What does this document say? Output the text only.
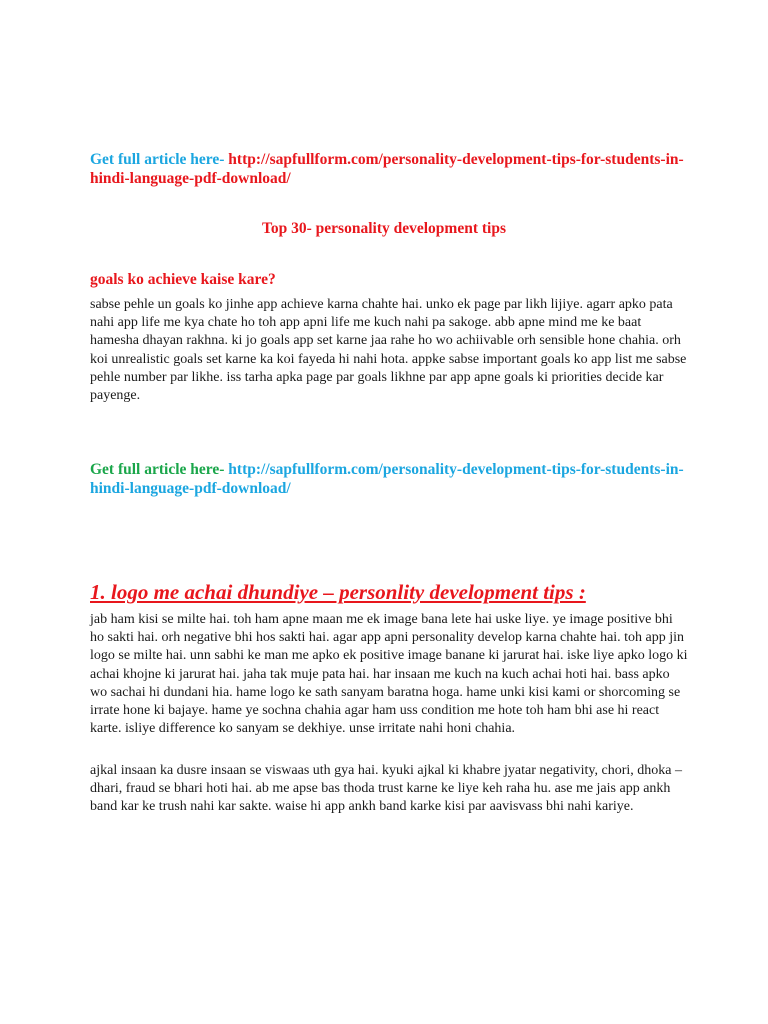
Get full article here- http://sapfullform.com/personality-development-tips-for-students-in-hindi-language-pdf-download/
Top 30- personality development tips
goals ko achieve kaise kare?
sabse pehle un goals ko jinhe app achieve karna chahte hai. unko ek page par likh lijiye. agarr apko pata nahi app life me kya chate ho toh app apni life me kuch nahi pa sakoge. abb apne mind me ke baat hamesha dhayan rakhna. ki jo goals app set karne jaa rahe ho wo achiivable orh sensible hone chahia. orh koi unrealistic goals set karne ka koi fayeda hi nahi hota. appke sabse important goals ko app list me sabse pehle number par likhe. iss tarha apka page par goals likhne par app apne goals ki priorities decide kar payenge.
Get full article here- http://sapfullform.com/personality-development-tips-for-students-in-hindi-language-pdf-download/
1. logo me achai dhundiye – personlity development tips :
jab ham kisi se milte hai. toh ham apne maan me ek image bana lete hai uske liye. ye image positive bhi ho sakti hai. orh negative bhi hos sakti hai. agar app apni personality develop karna chahte hai. toh app jin logo se milte hai. unn sabhi ke man me apko ek positive image banane ki jarurat hai. iske liye apko logo ki achai khojne ki jarurat hai. jaha tak muje pata hai. har insaan me kuch na kuch achai hoti hai. bass apko wo sachai hi dundani hia. hame logo ke sath sanyam baratna hoga. hame unki kisi kami or shorcoming se irrate hone ki bajaye. hame ye sochna chahia agar ham uss condition me hote toh ham bhi ase hi react karte. isliye difference ko sanyam se dekhiye. unse irritate nahi honi chahia.
ajkal insaan ka dusre insaan se viswaas uth gya hai. kyuki ajkal ki khabre jyatar negativity, chori, dhoka – dhari, fraud se bhari hoti hai. ab me apse bas thoda trust karne ke liye keh raha hu. ase me jais app ankh band kar ke trush nahi kar sakte. waise hi app ankh band karke kisi par aavisvass bhi nahi kariye.
